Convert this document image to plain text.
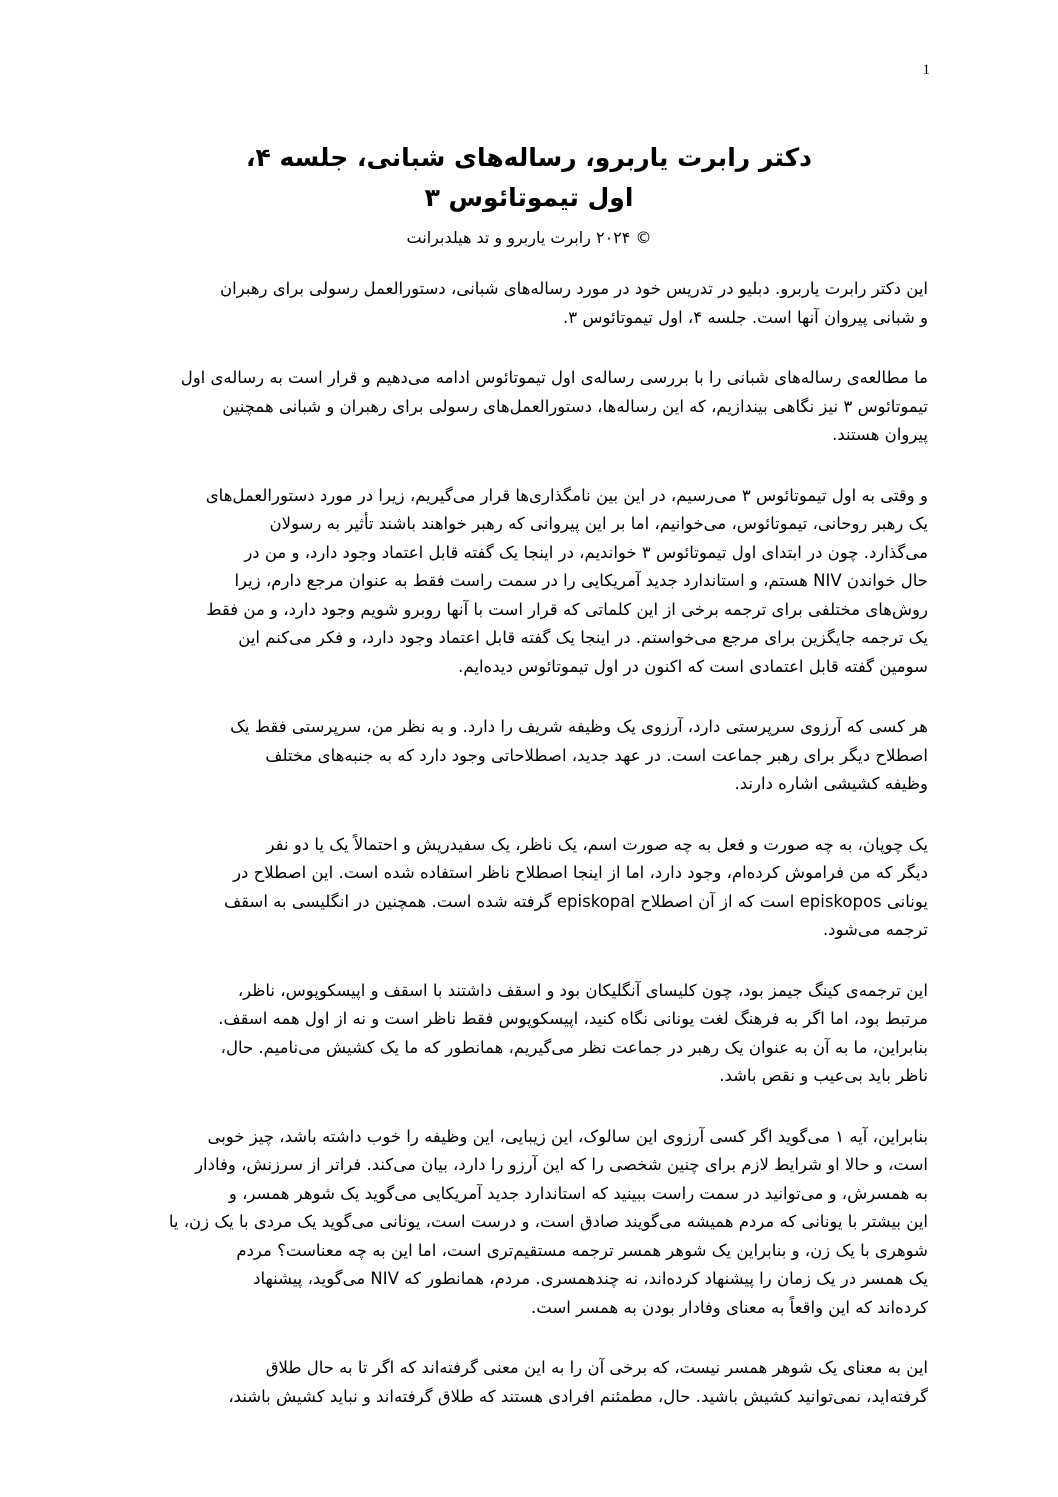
1
دکتر رابرت یاربرو، رساله‌های شبانی، جلسه ۴،
اول تیموتائوس ۳
© ۲۰۲۴ رابرت یاربرو و تد هیلدبرانت
این دکتر رابرت یاربرو. دبلیو در تدریس خود در مورد رساله‌های شبانی، دستورالعمل رسولی برای رهبران
و شبانی پیروان آنها است. جلسه ۴، اول تیموتائوس ۳.
ما مطالعه‌ی رساله‌های شبانی را با بررسی رساله‌ی اول تیموتائوس ادامه می‌دهیم و قرار است به رساله‌ی اول
تیموتائوس ۳ نیز نگاهی بیندازیم، که این رساله‌ها، دستورالعمل‌های رسولی برای رهبران و شبانی همچنین
پیروان هستند.
و وقتی به اول تیموتائوس ۳ می‌رسیم، در این بین نامگذاری‌ها قرار می‌گیریم، زیرا در مورد دستورالعمل‌های
یک رهبر روحانی، تیموتائوس، می‌خوانیم، اما بر این پیروانی که رهبر خواهند باشند تأثیر به رسولان
می‌گذارد. چون در ابتدای اول تیموتائوس ۳ خواندیم، در اینجا یک گفته قابل اعتماد وجود دارد، و من در
حال خواندن NIV هستم، و استاندارد جدید آمریکایی را در سمت راست فقط به عنوان مرجع دارم، زیرا
روش‌های مختلفی برای ترجمه برخی از این کلماتی که قرار است با آنها روبرو شویم وجود دارد، و من فقط
یک ترجمه جایگزین برای مرجع می‌خواستم. در اینجا یک گفته قابل اعتماد وجود دارد، و فکر می‌کنم این
سومین گفته قابل اعتمادی است که اکنون در اول تیموتائوس دیده‌ایم.
هر کسی که آرزوی سرپرستی دارد، آرزوی یک وظیفه شریف را دارد. و به نظر من، سرپرستی فقط یک
اصطلاح دیگر برای رهبر جماعت است. در عهد جدید، اصطلاحاتی وجود دارد که به جنبه‌های مختلف
وظیفه کشیشی اشاره دارند.
یک چوپان، به چه صورت و فعل به چه صورت اسم، یک ناظر، یک سفیدریش و احتمالاً یک یا دو نفر
دیگر که من فراموش کرده‌ام، وجود دارد، اما از اینجا اصطلاح ناظر استفاده شده است. این اصطلاح در
یونانی episkopos است که از آن اصطلاح episkopal گرفته شده است. همچنین در انگلیسی به اسقف
ترجمه می‌شود.
این ترجمه‌ی کینگ جیمز بود، چون کلیسای آنگلیکان بود و اسقف داشتند با اسقف و اپیسکوپوس، ناظر،
مرتبط بود، اما اگر به فرهنگ لغت یونانی نگاه کنید، اپیسکوپوس فقط ناظر است و نه از اول همه اسقف.
بنابراین، ما به آن به عنوان یک رهبر در جماعت نظر می‌گیریم، همانطور که ما یک کشیش می‌نامیم. حال،
ناظر باید بی‌عیب و نقص باشد.
بنابراین، آیه ۱ می‌گوید اگر کسی آرزوی این سالوک، این زیبایی، این وظیفه را خوب داشته باشد، چیز خوبی
است، و حالا او شرایط لازم برای چنین شخصی را که این آرزو را دارد، بیان می‌کند. فراتر از سرزنش، وفادار
به همسرش، و می‌توانید در سمت راست ببینید که استاندارد جدید آمریکایی می‌گوید یک شوهر همسر، و
این بیشتر با یونانی که مردم همیشه می‌گویند صادق است، و درست است، یونانی می‌گوید یک مردی با یک زن، یا
شوهری با یک زن، و بنابراین یک شوهر همسر ترجمه مستقیم‌تری است، اما این به چه معناست؟ مردم
یک همسر در یک زمان را پیشنهاد کرده‌اند، نه چندهمسری. مردم، همانطور که NIV می‌گوید، پیشنهاد
کرده‌اند که این واقعاً به معنای وفادار بودن به همسر است.
این به معنای یک شوهر همسر نیست، که برخی آن را به این معنی گرفته‌اند که اگر تا به حال طلاق
گرفته‌اید، نمی‌توانید کشیش باشید. حال، مطمئنم افرادی هستند که طلاق گرفته‌اند و نباید کشیش باشند،
